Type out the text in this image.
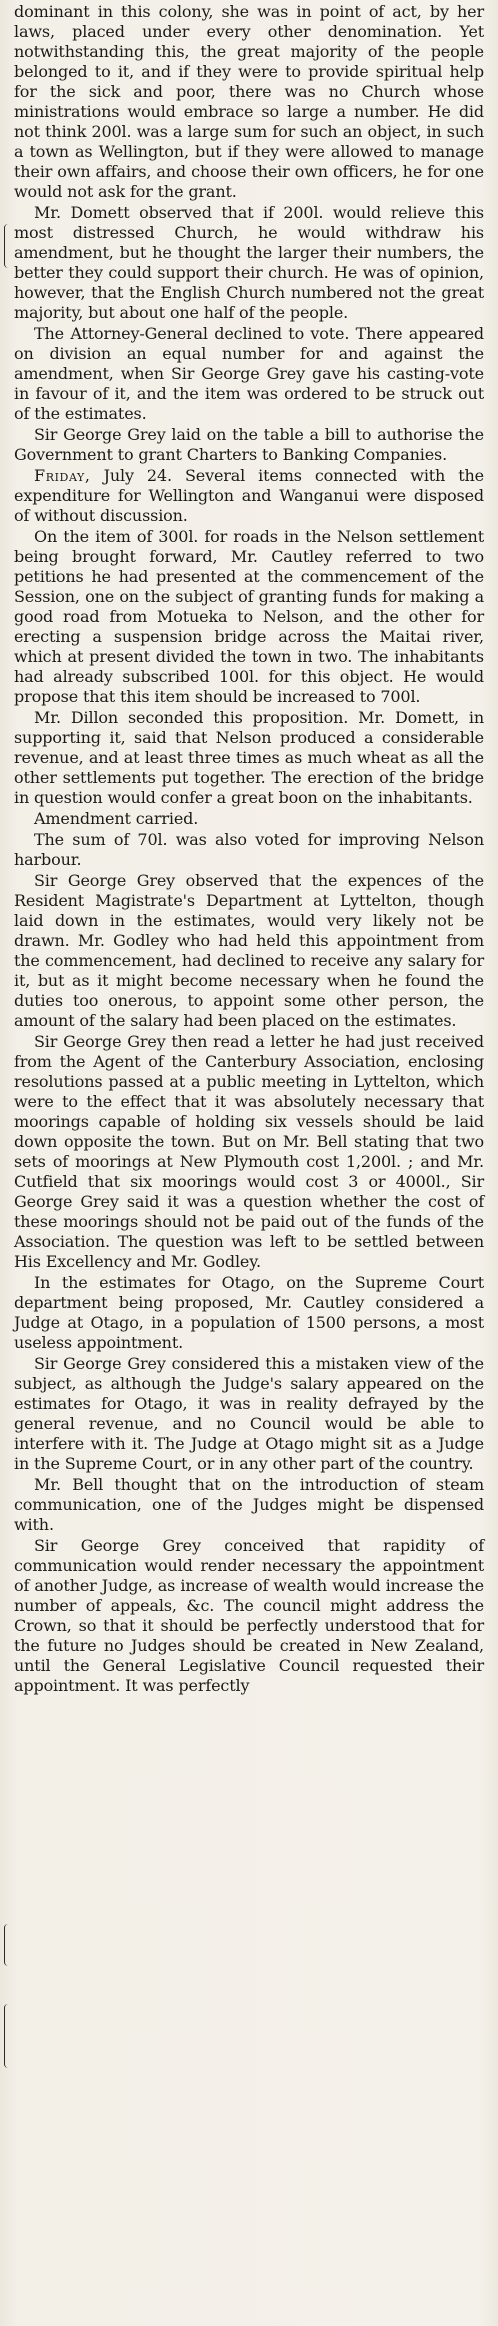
dominant in this colony, she was in point of act, by her laws, placed under every other denomination. Yet notwithstanding this, the great majority of the people belonged to it, and if they were to provide spiritual help for the sick and poor, there was no Church whose ministrations would embrace so large a number. He did not think 200l. was a large sum for such an object, in such a town as Wellington, but if they were allowed to manage their own affairs, and choose their own officers, he for one would not ask for the grant.

Mr. Domett observed that if 200l. would relieve this most distressed Church, he would withdraw his amendment, but he thought the larger their numbers, the better they could support their church. He was of opinion, however, that the English Church numbered not the great majority, but about one half of the people.

The Attorney-General declined to vote. There appeared on division an equal number for and against the amendment, when Sir George Grey gave his casting-vote in favour of it, and the item was ordered to be struck out of the estimates.

Sir George Grey laid on the table a bill to authorise the Government to grant Charters to Banking Companies.

Friday, July 24. Several items connected with the expenditure for Wellington and Wanganui were disposed of without discussion.

On the item of 300l. for roads in the Nelson settlement being brought forward, Mr. Cautley referred to two petitions he had presented at the commencement of the Session, one on the subject of granting funds for making a good road from Motueka to Nelson, and the other for erecting a suspension bridge across the Maitai river, which at present divided the town in two. The inhabitants had already subscribed 100l. for this object. He would propose that this item should be increased to 700l.

Mr. Dillon seconded this proposition. Mr. Domett, in supporting it, said that Nelson produced a considerable revenue, and at least three times as much wheat as all the other settlements put together. The erection of the bridge in question would confer a great boon on the inhabitants.

Amendment carried.

The sum of 70l. was also voted for improving Nelson harbour.

Sir George Grey observed that the expences of the Resident Magistrate's Department at Lyttelton, though laid down in the estimates, would very likely not be drawn. Mr. Godley who had held this appointment from the commencement, had declined to receive any salary for it, but as it might become necessary when he found the duties too onerous, to appoint some other person, the amount of the salary had been placed on the estimates.

Sir George Grey then read a letter he had just received from the Agent of the Canterbury Association, enclosing resolutions passed at a public meeting in Lyttelton, which were to the effect that it was absolutely necessary that moorings capable of holding six vessels should be laid down opposite the town. But on Mr. Bell stating that two sets of moorings at New Plymouth cost 1,200l. ; and Mr. Cutfield that six moorings would cost 3 or 4000l., Sir George Grey said it was a question whether the cost of these moorings should not be paid out of the funds of the Association. The question was left to be settled between His Excellency and Mr. Godley.

In the estimates for Otago, on the Supreme Court department being proposed, Mr. Cautley considered a Judge at Otago, in a population of 1500 persons, a most useless appointment.

Sir George Grey considered this a mistaken view of the subject, as although the Judge's salary appeared on the estimates for Otago, it was in reality defrayed by the general revenue, and no Council would be able to interfere with it. The Judge at Otago might sit as a Judge in the Supreme Court, or in any other part of the country.

Mr. Bell thought that on the introduction of steam communication, one of the Judges might be dispensed with.

Sir George Grey conceived that rapidity of communication would render necessary the appointment of another Judge, as increase of wealth would increase the number of appeals, &c. The council might address the Crown, so that it should be perfectly understood that for the future no Judges should be created in New Zealand, until the General Legislative Council requested their appointment. It was perfectly
